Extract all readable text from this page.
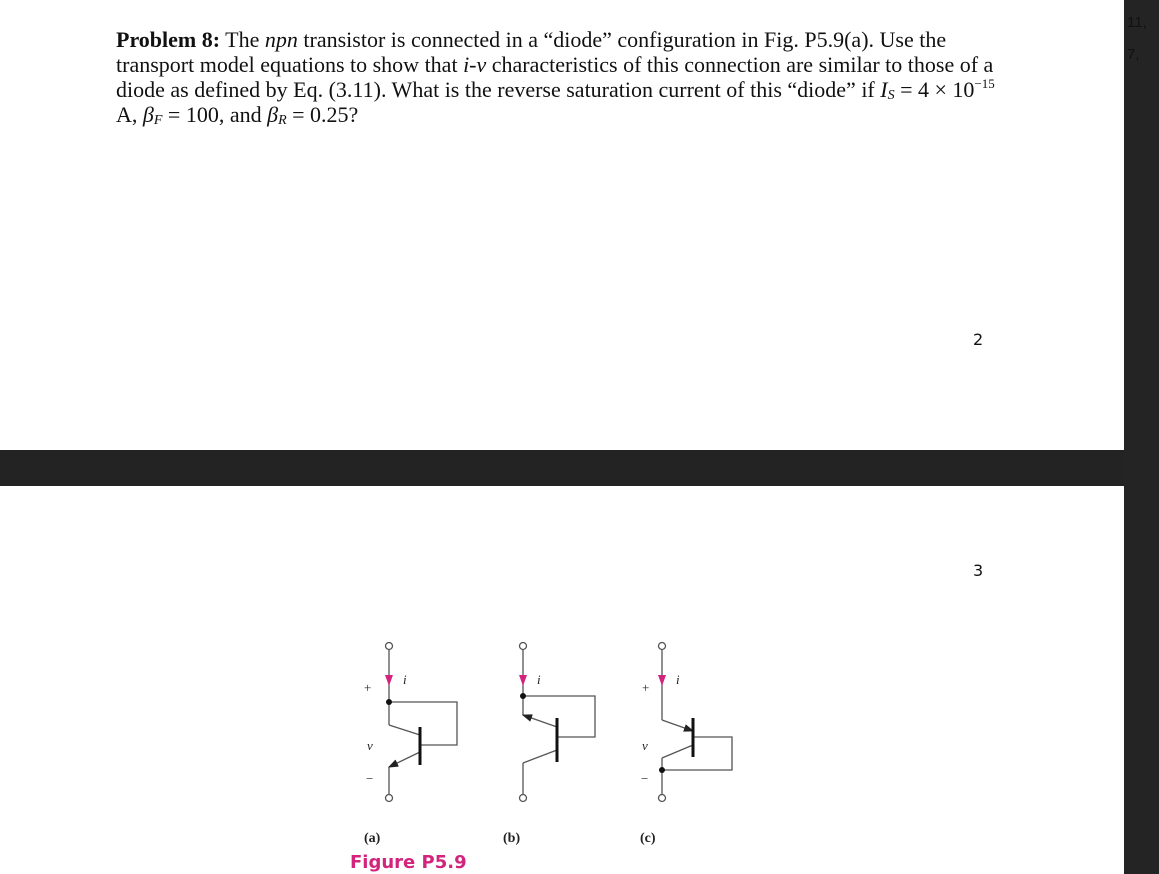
11,
7,
Problem 8: The npn transistor is connected in a “diode” configuration in Fig. P5.9(a). Use the transport model equations to show that i-v characteristics of this connection are similar to those of a diode as defined by Eq. (3.11). What is the reverse saturation current of this “diode” if $I_S = 4 \times 10^{-15}$ A, $\beta_F = 100$, and $\beta_R = 0.25$?
2
3
+
i
v
−
i
+
i
v
−
(a)	(b)	(c)
Figure P5.9
